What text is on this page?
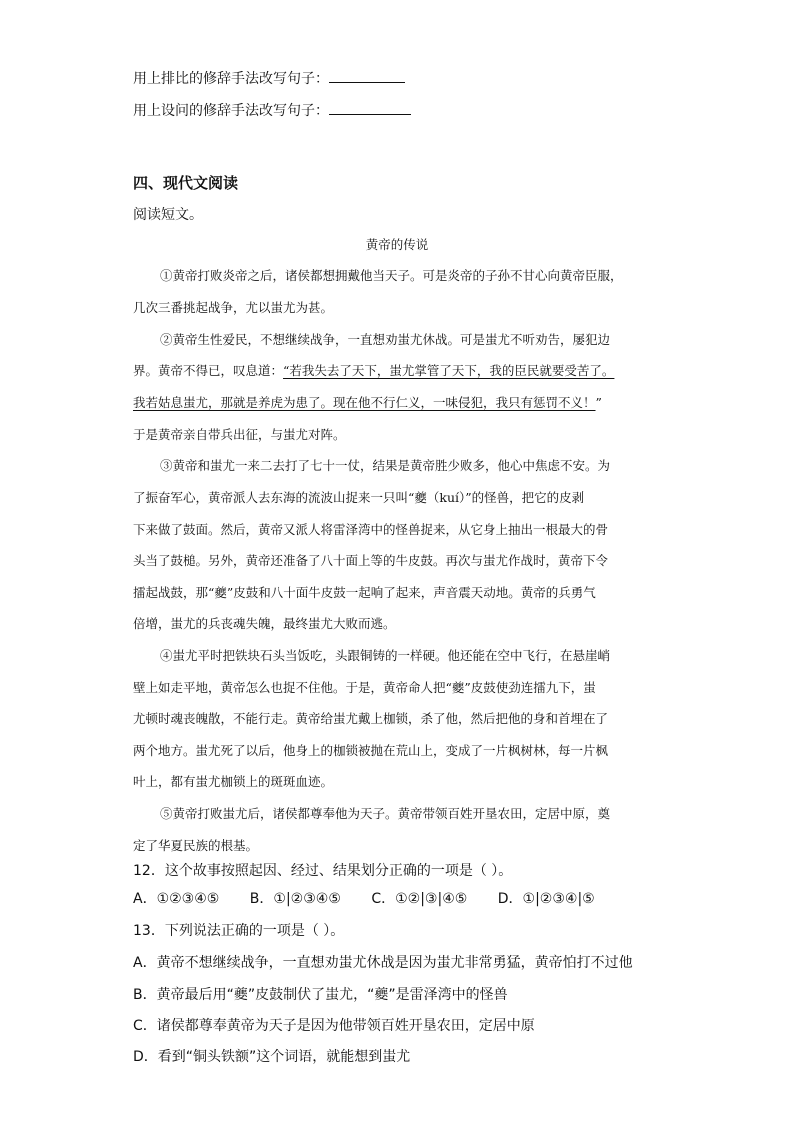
用上排比的修辞手法改写句子：
用上设问的修辞手法改写句子：
四、现代文阅读
阅读短文。
黄帝的传说
①黄帝打败炎帝之后，诸侯都想拥戴他当天子。可是炎帝的子孙不甘心向黄帝臣服，
几次三番挑起战争，尤以蚩尤为甚。
②黄帝生性爱民，不想继续战争，一直想劝蚩尤休战。可是蚩尤不听劝告，屡犯边
界。黄帝不得已，叹息道：“若我失去了天下，蚩尤掌管了天下，我的臣民就要受苦了。
我若姑息蚩尤，那就是养虎为患了。现在他不行仁义，一味侵犯，我只有惩罚不义！”
于是黄帝亲自带兵出征，与蚩尤对阵。
③黄帝和蚩尤一来二去打了七十一仗，结果是黄帝胜少败多，他心中焦虑不安。为
了振奋军心，黄帝派人去东海的流波山捉来一只叫“夔（kuí）”的怪兽，把它的皮剥
下来做了鼓面。然后，黄帝又派人将雷泽湾中的怪兽捉来，从它身上抽出一根最大的骨
头当了鼓槌。另外，黄帝还准备了八十面上等的牛皮鼓。再次与蚩尤作战时，黄帝下令
擂起战鼓，那“夔”皮鼓和八十面牛皮鼓一起响了起来，声音震天动地。黄帝的兵勇气
倍增，蚩尤的兵丧魂失魄，最终蚩尤大败而逃。
④蚩尤平时把铁块石头当饭吃，头跟铜铸的一样硬。他还能在空中飞行，在悬崖峭
壁上如走平地，黄帝怎么也捉不住他。于是，黄帝命人把“夔”皮鼓使劲连擂九下，蚩
尤顿时魂丧魄散，不能行走。黄帝给蚩尤戴上枷锁，杀了他，然后把他的身和首埋在了
两个地方。蚩尤死了以后，他身上的枷锁被抛在荒山上，变成了一片枫树林，每一片枫
叶上，都有蚩尤枷锁上的斑斑血迹。
⑤黄帝打败蚩尤后，诸侯都尊奉他为天子。黄帝带领百姓开垦农田，定居中原，奠
定了华夏民族的根基。
12．这个故事按照起因、经过、结果划分正确的一项是（ ）。
A．①②③④⑤ B．①|②③④⑤ C．①②|③|④⑤ D．①|②③④|⑤
13．下列说法正确的一项是（ ）。
A．黄帝不想继续战争，一直想劝蚩尤休战是因为蚩尤非常勇猛，黄帝怕打不过他
B．黄帝最后用“夔”皮鼓制伏了蚩尤，“夔”是雷泽湾中的怪兽
C．诸侯都尊奉黄帝为天子是因为他带领百姓开垦农田，定居中原
D．看到“铜头铁额”这个词语，就能想到蚩尤
